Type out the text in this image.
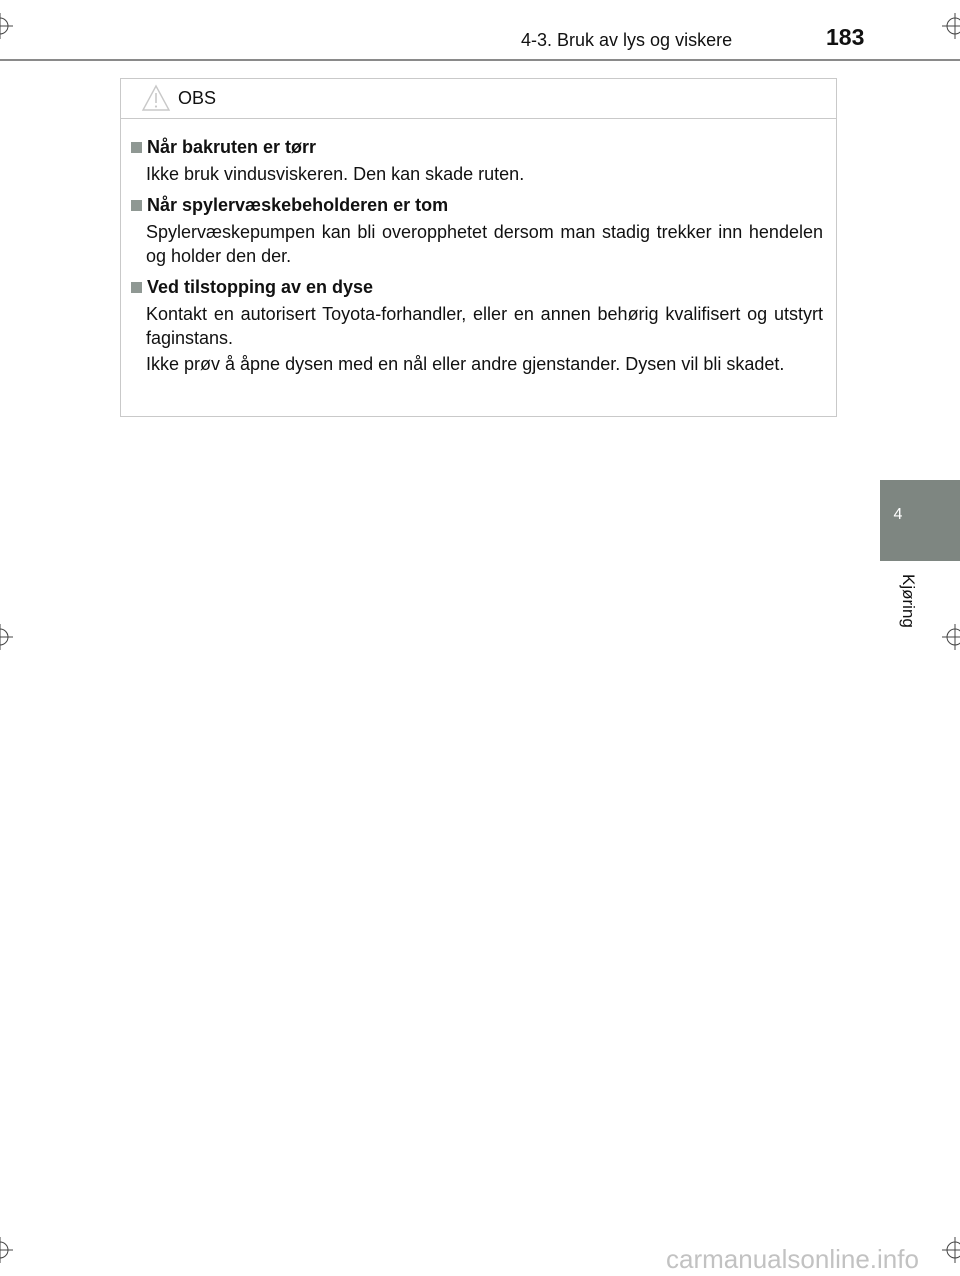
4-3. Bruk av lys og viskere	183
4
Kjøring
OBS
Når bakruten er tørr

Ikke bruk vindusviskeren. Den kan skade ruten.

Når spylervæskebeholderen er tom

Spylervæskepumpen kan bli overopphetet dersom man stadig trekker inn hendelen og holder den der.

Ved tilstopping av en dyse

Kontakt en autorisert Toyota-forhandler, eller en annen behørig kvalifisert og utstyrt faginstans.

Ikke prøv å åpne dysen med en nål eller andre gjenstander. Dysen vil bli skadet.

carmanualsonline.info
